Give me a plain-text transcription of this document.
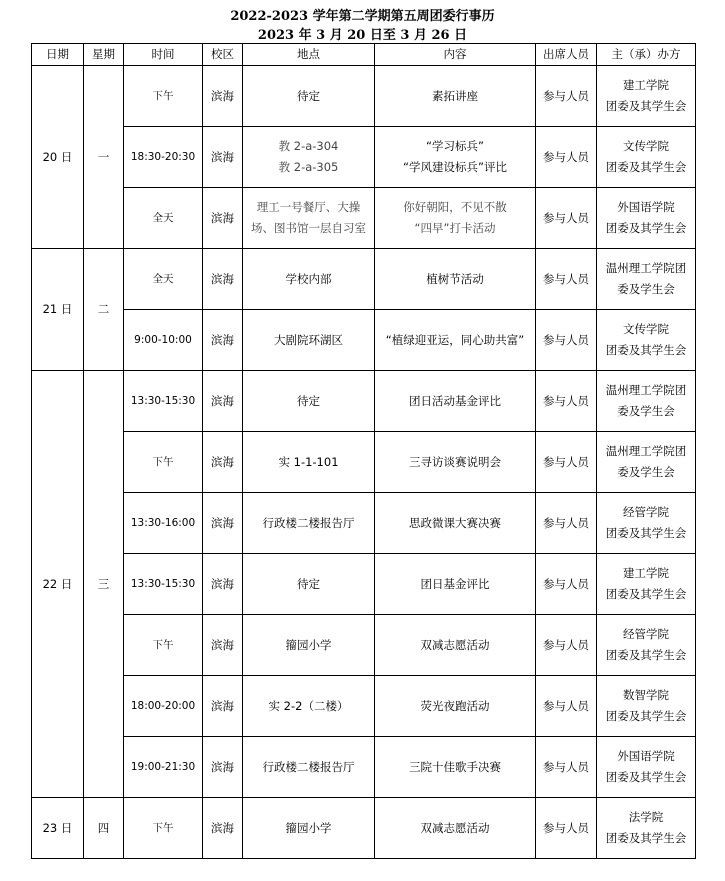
2022-2023 学年第二学期第五周团委行事历
2023 年 3 月 20 日至 3 月 26 日
日期	星期	时间	校区	地点	内容	出席人员	主（承）办方
20 日	一	下午	滨海	待定	素拓讲座	参与人员	建工学院
团委及其学生会

		18:30-20:30	滨海	教 2-a-304
教 2-a-305	“学习标兵”
“学风建设标兵”评比	参与人员	文传学院
团委及其学生会

		全天	滨海	理工一号餐厅、大操
场、图书馆一层自习室	你好朝阳，不见不散
“四早”打卡活动	参与人员	外国语学院
团委及其学生会

21 日	二	全天	滨海	学校内部	植树节活动	参与人员	温州理工学院团
委及学生会

		9:00-10:00	滨海	大剧院环湖区	“植绿迎亚运，同心助共富”	参与人员	文传学院
团委及其学生会

22 日	三	13:30-15:30	滨海	待定	团日活动基金评比	参与人员	温州理工学院团
委及学生会

		下午	滨海	实 1-1-101	三寻访谈赛说明会	参与人员	温州理工学院团
委及学生会

		13:30-16:00	滨海	行政楼二楼报告厅	思政微课大赛决赛	参与人员	经管学院
团委及其学生会

		13:30-15:30	滨海	待定	团日基金评比	参与人员	建工学院
团委及其学生会

		下午	滨海	籀园小学	双减志愿活动	参与人员	经管学院
团委及其学生会

		18:00-20:00	滨海	实 2-2（二楼）	荧光夜跑活动	参与人员	数智学院
团委及其学生会

		19:00-21:30	滨海	行政楼二楼报告厅	三院十佳歌手决赛	参与人员	外国语学院
团委及其学生会

23 日	四	下午	滨海	籀园小学	双减志愿活动	参与人员	法学院
团委及其学生会
